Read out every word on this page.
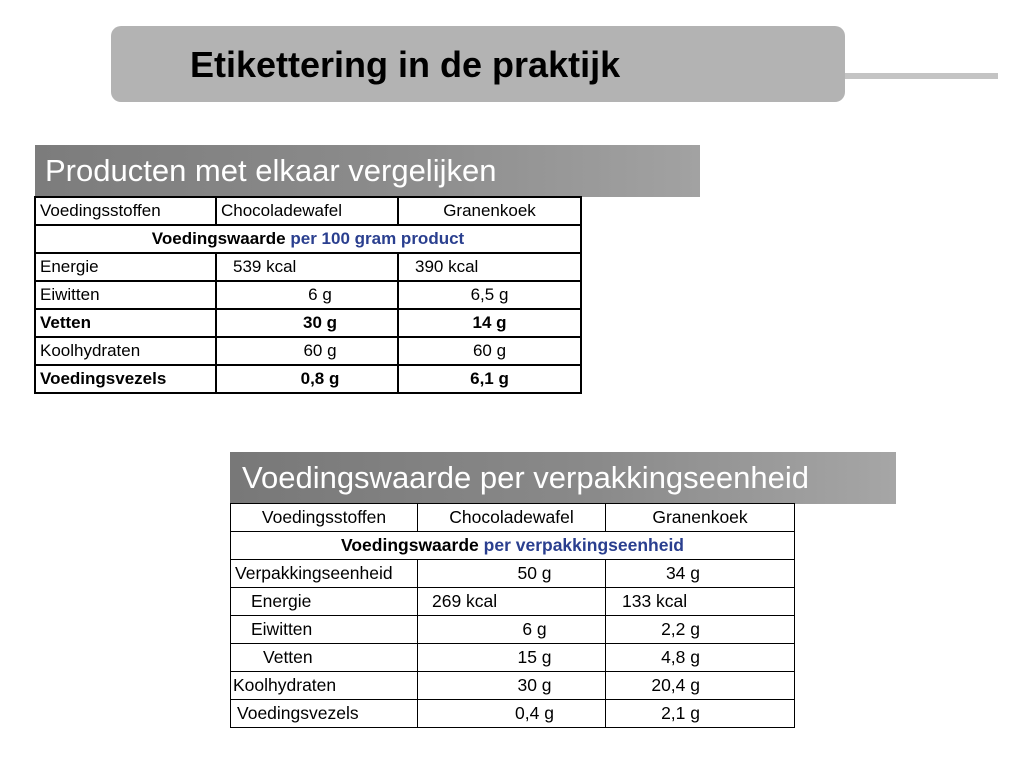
Etikettering in de praktijk
Producten met elkaar vergelijken
Voedingsstoffen	Chocoladewafel	Granenkoek
Voedingswaarde per 100 gram product		
Energie	539 kcal	390 kcal
Eiwitten	6 g	6,5 g
Vetten	30 g	14 g
Koolhydraten	60 g	60 g
Voedingsvezels	0,8 g	6,1 g
Voedingswaarde per verpakkingseenheid
Voedingsstoffen	Chocoladewafel	Granenkoek
Voedingswaarde per verpakkingseenheid		
Verpakkingseenheid	50 g	34 g
Energie	269 kcal	133 kcal
Eiwitten	6 g	2,2 g
Vetten	15 g	4,8 g
Koolhydraten	30 g	20,4 g
Voedingsvezels	0,4 g	2,1 g
